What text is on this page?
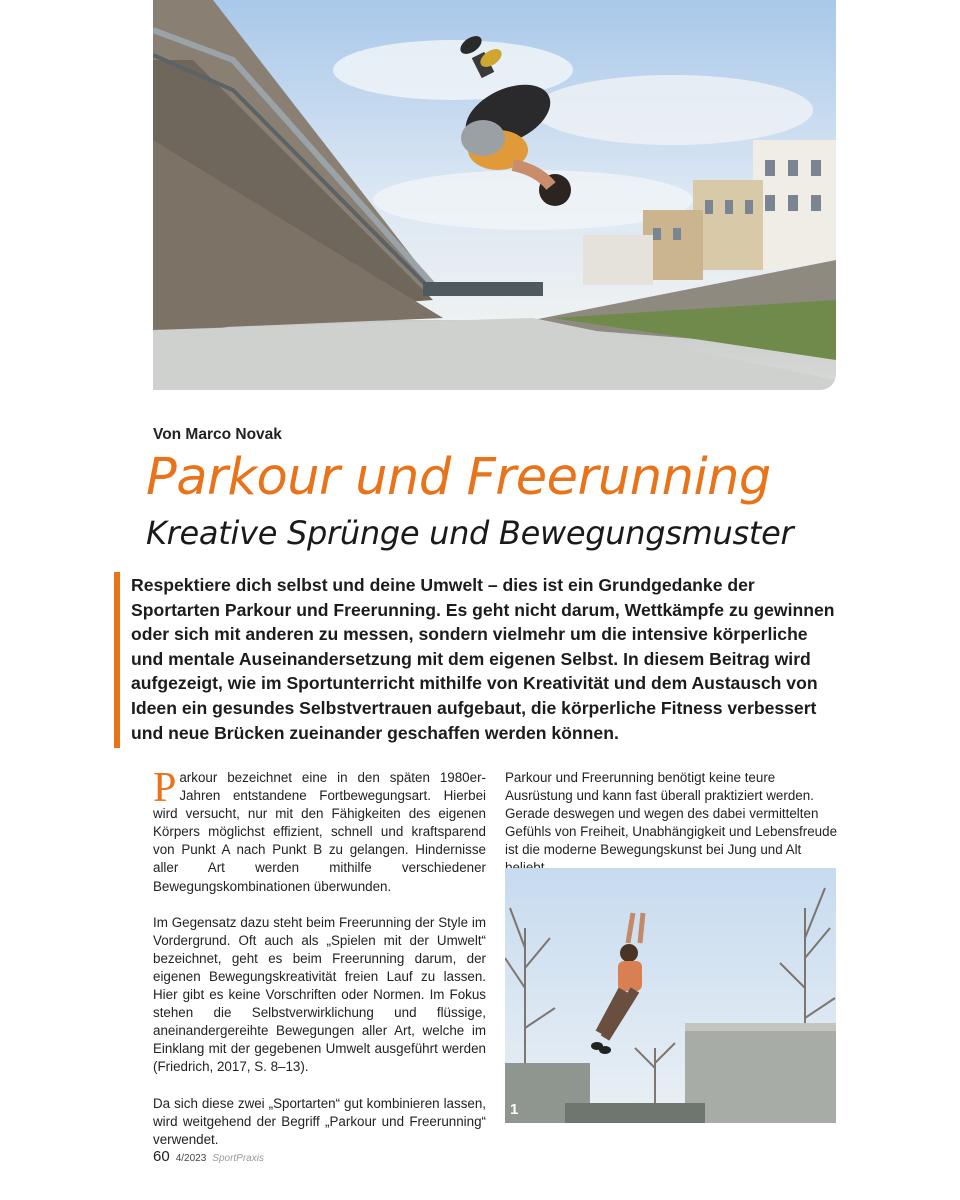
Von Marco Novak
Parkour und Freerunning
Kreative Sprünge und Bewegungsmuster

Respektiere dich selbst und deine Umwelt – dies ist ein Grundgedanke der Sportarten Parkour und Freerunning. Es geht nicht darum, Wettkämpfe zu gewinnen oder sich mit anderen zu messen, sondern vielmehr um die intensive körperliche und mentale Auseinandersetzung mit dem eigenen Selbst. In diesem Beitrag wird aufgezeigt, wie im Sportunterricht mithilfe von Kreativität und dem Austausch von Ideen ein gesundes Selbstvertrauen aufgebaut, die körperliche Fitness verbessert und neue Brücken zueinander geschaffen werden können.

Parkour bezeichnet eine in den späten 1980er-Jahren entstandene Fortbewegungsart. Hierbei wird versucht, nur mit den Fähigkeiten des eigenen Körpers möglichst effizient, schnell und kraftsparend von Punkt A nach Punkt B zu gelangen. Hindernisse aller Art werden mithilfe verschiedener Bewegungskombinationen überwunden.

Im Gegensatz dazu steht beim Freerunning der Style im Vordergrund. Oft auch als „Spielen mit der Umwelt“ bezeichnet, geht es beim Freerunning darum, der eigenen Bewegungskreativität freien Lauf zu lassen. Hier gibt es keine Vorschriften oder Normen. Im Fokus stehen die Selbstverwirklichung und flüssige, aneinandergereihte Bewegungen aller Art, welche im Einklang mit der gegebenen Umwelt ausgeführt werden (Friedrich, 2017, S. 8–13).

Da sich diese zwei „Sportarten“ gut kombinieren lassen, wird weitgehend der Begriff „Parkour und Freerunning“ verwendet.

Parkour und Freerunning benötigt keine teure Ausrüstung und kann fast überall praktiziert werden. Gerade deswegen und wegen des dabei vermittelten Gefühls von Freiheit, Unabhängigkeit und Lebensfreude ist die moderne Bewegungskunst bei Jung und Alt

1
60 4/2023 SportPraxis
